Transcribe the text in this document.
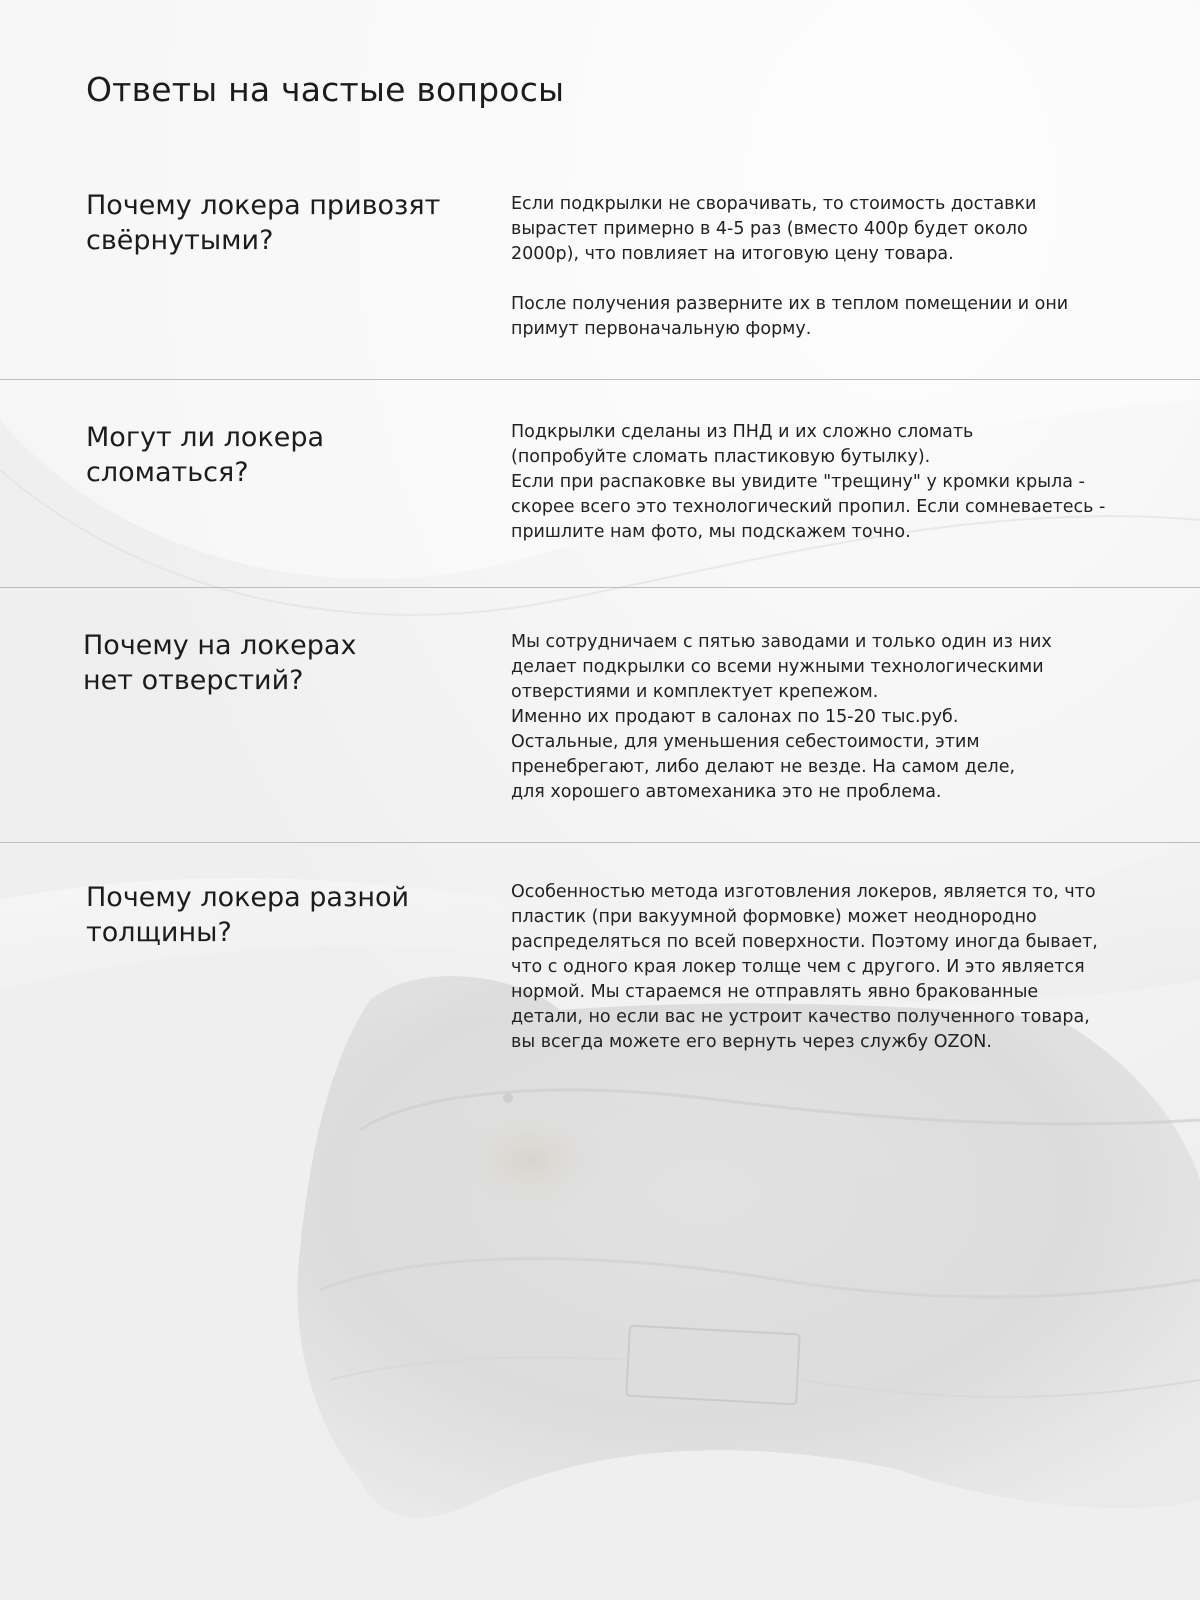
Ответы на частые вопросы
Почему локера привозят свёрнутыми?

Если подкрылки не сворачивать, то стоимость доставки вырастет примерно в 4-5 раз (вместо 400р будет около 2000р), что повлияет на итоговую цену товара.

После получения разверните их в теплом помещении и они примут первоначальную форму.

Могут ли локера сломаться?

Подкрылки сделаны из ПНД и их сложно сломать (попробуйте сломать пластиковую бутылку).

Если при распаковке вы увидите "трещину" у кромки крыла - скорее всего это технологический пропил. Если сомневаетесь - пришлите нам фото, мы подскажем точно.

Почему на локерах нет отверстий?

Мы сотрудничаем с пятью заводами и только один из них делает подкрылки со всеми нужными технологическими отверстиями и комплектует крепежом.

Именно их продают в салонах по 15-20 тыс.руб. Остальные, для уменьшения себестоимости, этим пренебрегают, либо делают не везде. На самом деле, для хорошего автомеханика это не проблема.

Почему локера разной толщины?

Особенностью метода изготовления локеров, является то, что пластик (при вакуумной формовке) может неоднородно распределяться по всей поверхности. Поэтому иногда бывает, что с одного края локер толще чем с другого. И это является нормой. Мы стараемся не отправлять явно бракованные детали, но если вас не устроит качество полученного товара, вы всегда можете его вернуть через службу OZON.
